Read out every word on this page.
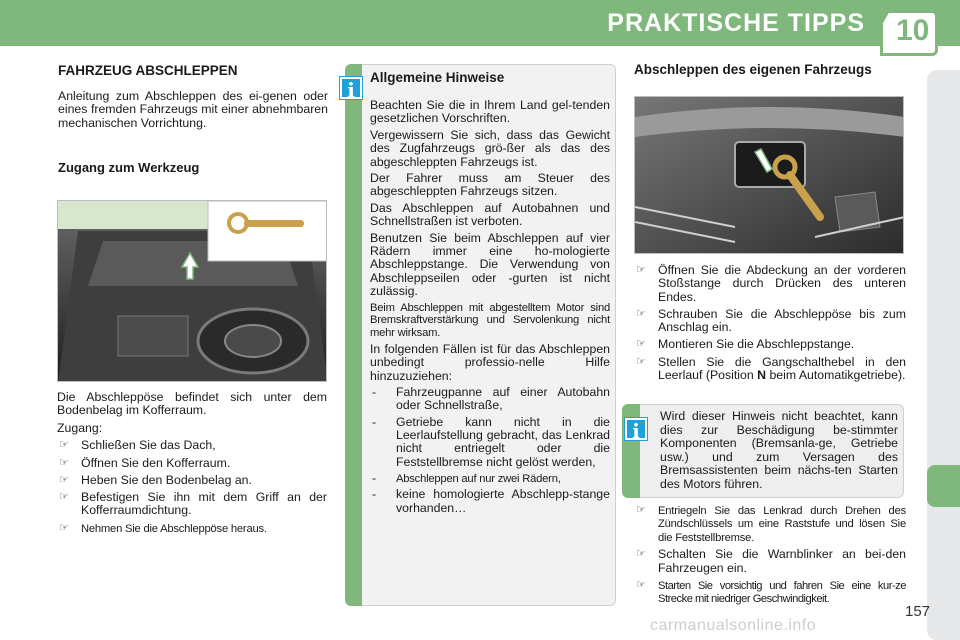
PRAKTISCHE TIPPS 10
FAHRZEUG ABSCHLEPPEN
Anleitung zum Abschleppen des ei-genen oder eines fremden Fahrzeugs mit einer abnehmbaren mechanischen Vorrichtung.
Zugang zum Werkzeug
Die Abschleppöse befindet sich unter dem Bodenbelag im Kofferraum.
Zugang:
☞ Schließen Sie das Dach,
☞ Öffnen Sie den Kofferraum.
☞ Heben Sie den Bodenbelag an.
☞ Befestigen Sie ihn mit dem Griff an der Kofferraumdichtung.
☞ Nehmen Sie die Abschleppöse heraus.
i
Allgemeine Hinweise
Beachten Sie die in Ihrem Land gel-tenden gesetzlichen Vorschriften.
Vergewissern Sie sich, dass das Gewicht des Zugfahrzeugs grö-ßer als das des abgeschleppten Fahrzeugs ist.
Der Fahrer muss am Steuer des abgeschleppten Fahrzeugs sitzen.
Das Abschleppen auf Autobahnen und Schnellstraßen ist verboten.
Benutzen Sie beim Abschleppen auf vier Rädern immer eine ho-mologierte Abschleppstange. Die Verwendung von Abschleppseilen oder -gurten ist nicht zulässig.
Beim Abschleppen mit abgestelltem Motor sind Bremskraftverstärkung und Servolenkung nicht mehr wirksam.
In folgenden Fällen ist für das Abschleppen unbedingt professio-nelle Hilfe hinzuzuziehen:
- Fahrzeugpanne auf einer Autobahn oder Schnellstraße,
- Getriebe kann nicht in die Leerlaufstellung gebracht, das Lenkrad nicht entriegelt oder die Feststellbremse nicht gelöst werden,
- Abschleppen auf nur zwei Rädern,
- keine homologierte Abschlepp-stange vorhanden…
Abschleppen des eigenen Fahrzeugs
☞ Öffnen Sie die Abdeckung an der vorderen Stoßstange durch Drücken des unteren Endes.
☞ Schrauben Sie die Abschleppöse bis zum Anschlag ein.
☞ Montieren Sie die Abschleppstange.
☞ Stellen Sie die Gangschalthebel in den Leerlauf (Position N beim Automatikgetriebe).
i
Wird dieser Hinweis nicht beachtet, kann dies zur Beschädigung be-stimmter Komponenten (Bremsanla-ge, Getriebe usw.) und zum Versagen des Bremsassistenten beim nächs-ten Starten des Motors führen.
☞ Entriegeln Sie das Lenkrad durch Drehen des Zündschlüssels um eine Raststufe und lösen Sie die Feststellbremse.
☞ Schalten Sie die Warnblinker an bei-den Fahrzeugen ein.
☞ Starten Sie vorsichtig und fahren Sie eine kur-ze Strecke mit niedriger Geschwindigkeit.
157
carmanualsonline.info
